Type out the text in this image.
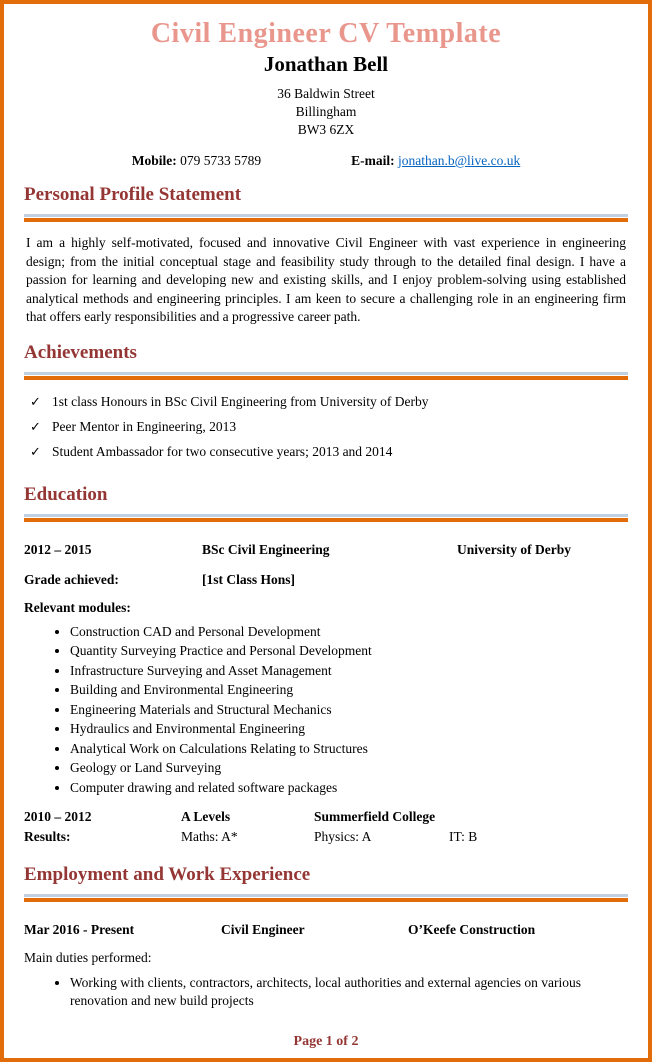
Civil Engineer CV Template
Jonathan Bell
36 Baldwin Street
Billingham
BW3 6ZX
Mobile: 079 5733 5789	E-mail: jonathan.b@live.co.uk
Personal Profile Statement
I am a highly self-motivated, focused and innovative Civil Engineer with vast experience in engineering design; from the initial conceptual stage and feasibility study through to the detailed final design. I have a passion for learning and developing new and existing skills, and I enjoy problem-solving using established analytical methods and engineering principles. I am keen to secure a challenging role in an engineering firm that offers early responsibilities and a progressive career path.
Achievements
✓ 1st class Honours in BSc Civil Engineering from University of Derby
✓ Peer Mentor in Engineering, 2013
✓ Student Ambassador for two consecutive years; 2013 and 2014
Education
2012 – 2015	BSc Civil Engineering	University of Derby
Grade achieved:	[1st Class Hons]
Relevant modules:
• Construction CAD and Personal Development
• Quantity Surveying Practice and Personal Development
• Infrastructure Surveying and Asset Management
• Building and Environmental Engineering
• Engineering Materials and Structural Mechanics
• Hydraulics and Environmental Engineering
• Analytical Work on Calculations Relating to Structures
• Geology or Land Surveying
• Computer drawing and related software packages
2010 – 2012	A Levels	Summerfield College
Results:	Maths: A*	Physics: A	IT: B
Employment and Work Experience
Mar 2016 - Present	Civil Engineer	O’Keefe Construction
Main duties performed:
• Working with clients, contractors, architects, local authorities and external agencies on various renovation and new build projects
Page 1 of 2
